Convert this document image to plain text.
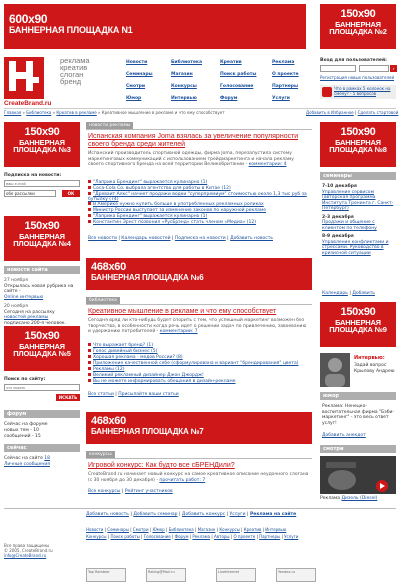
600x90
БАННЕРНАЯ ПЛОЩАДКА N1
150x90
БАННЕРНАЯ
ПЛОЩАДКА №2
реклама
креатив
слоган
бренд
CreateBrand.ru
Новости
Семинары
Смотри
Юмор
Библиотека
Магазин
Конкурсы
Интервью
Креатив
Поиск работы
Голосование
Форум
Реклама
О проекте
Партнеры
Услуги
Вход для пользователей:
›
Регистрация новых пользователей
Что в рамках 5 колонок на смену? - 5 вопросов
Главная » Библиотека » Креатив в рекламе » Креативное мышление в рекламе и что ему способствует	Добавить в Избранное | Сделать стартовой
150x90
БАННЕРНАЯ
ПЛОЩАДКА №3
Подписка на новости:
ваш e-mail
обе рассылки	ОК
150x90
БАННЕРНАЯ
ПЛОЩАДКА №4
новости сайта
27 ноября
Открылась новая рубрика на сайте -
Online интервью
20 ноября
Сегодня на рассылку
новостей рекламы
подписано 200-я человек.
150x90
БАННЕРНАЯ
ПЛОЩАДКА №5
Поиск по сайту:
что искать
ИСКАТЬ
форум
Сейчас на форуме
новых тем - 10
сообщений - 15
сейчас
Сейчас на сайте 18
Личные сообщения
новости рекламы
Испанская компания Joma взялась за увеличение популярности своего бренда среди жителей
Испанский производитель спортивной одежды, фирма Joma, перезапустила систему маркетинговых коммуникаций с использованием трейдмаркетинга и начала рекламу своего спортивного бренда на всей территории Великобритании - комментарии: 4
"Лаприка Брендинг" выражается кулинарно (1)
Coca-Cola Co. выбрала агентство для работы в Китае (12)
"Древаит Алкс" начнет продажи водки "суперпремиум" стоимостью около 1,3 тыс руб за бутылку (74)
В Америке нужно купить больше в употребленных рекламных роликах
Министр России выступает за изменение законов по наружной рекламе
"Лаприка Брендинг" выражается кулинарно (1)
Константин Эрнст позвонил «РусБрэнд» стать членом «Медиа» (12)
Все новости | Календарь новостей | Подписка на новости | Добавить новость
468x60
БАННЕРНАЯ ПЛОЩАДКА №6
библиотека
Креативное мышление в рекламе и что ему способствует
Сегодня вряд ли кто-нибудь будет спорить с тем, что успешный маркетинг возможен без творчества, в особенности когда речь идет о решении задач по привлечению, завоеванию и удержанию потребителей - комментарии: 7
Что выражает бренд? (1)
Голос дивейный бизнес (5)
Хорошая реклама - медов России? (8)
Приложение качественной себе (сформулирована и вариант "брендирования" цвета)
Рекламы (12)
Великий рекламный дизайнер Джон Джордж!
Вы не можете информировать обещания в дизайн-рекламе
Все статьи | Присылайте ваши статьи
468x60
БАННЕРНАЯ ПЛОЩАДКА №7
конкурсы
Игровой конкурс: Как будто все сБРЕНДили?
CreateBrand.ru начинает новый конкурс на самое креативное описание неудачного слогана (с 30 ноября до 30 декабря) - прочитать работ: 7
Все конкурсы | Рейтинг участников
150x90
БАННЕРНАЯ
ПЛОЩАДКА №8
семинары
7-10 декабря
Управление сервисом (авторская программа Института Тренинга г. Санкт-Петербург)
2-3 декабря
Продажи и общение с клиентом по телефону
8-9 декабря
Управление конфликтами и стрессами. Руководство в кризисной ситуации
Календарь | Добавить
150x90
БАННЕРНАЯ
ПЛОЩАДКА №9
Интервью:
Задай вопрос Крылову Андрею
юмор
Реклама: Ненецко-воспитательная фирма "Бэби-маркетинг" - это весь ответ услуг!
Добавить анекдот
смотри
Реклама Дизель (Diesel)
Добавить новость | Добавить семинар | Добавить конкурс | Услуги | Реклама на сайте
Новости | Семинары | Смотри | Юмор | Библиотека | Магазин | Конкурсы | Креатив | Интервью
Конкурсы | Поиск работы | Голосование | Форум | Реклама | Авторы | О проекте | Партнеры | Услуги
Все права защищены
© 2005, CreateBrand.ru
info@CreateBrand.ru
Top Rambler	Rating@Mail.ru	LiveInternet	Yandex.ru
